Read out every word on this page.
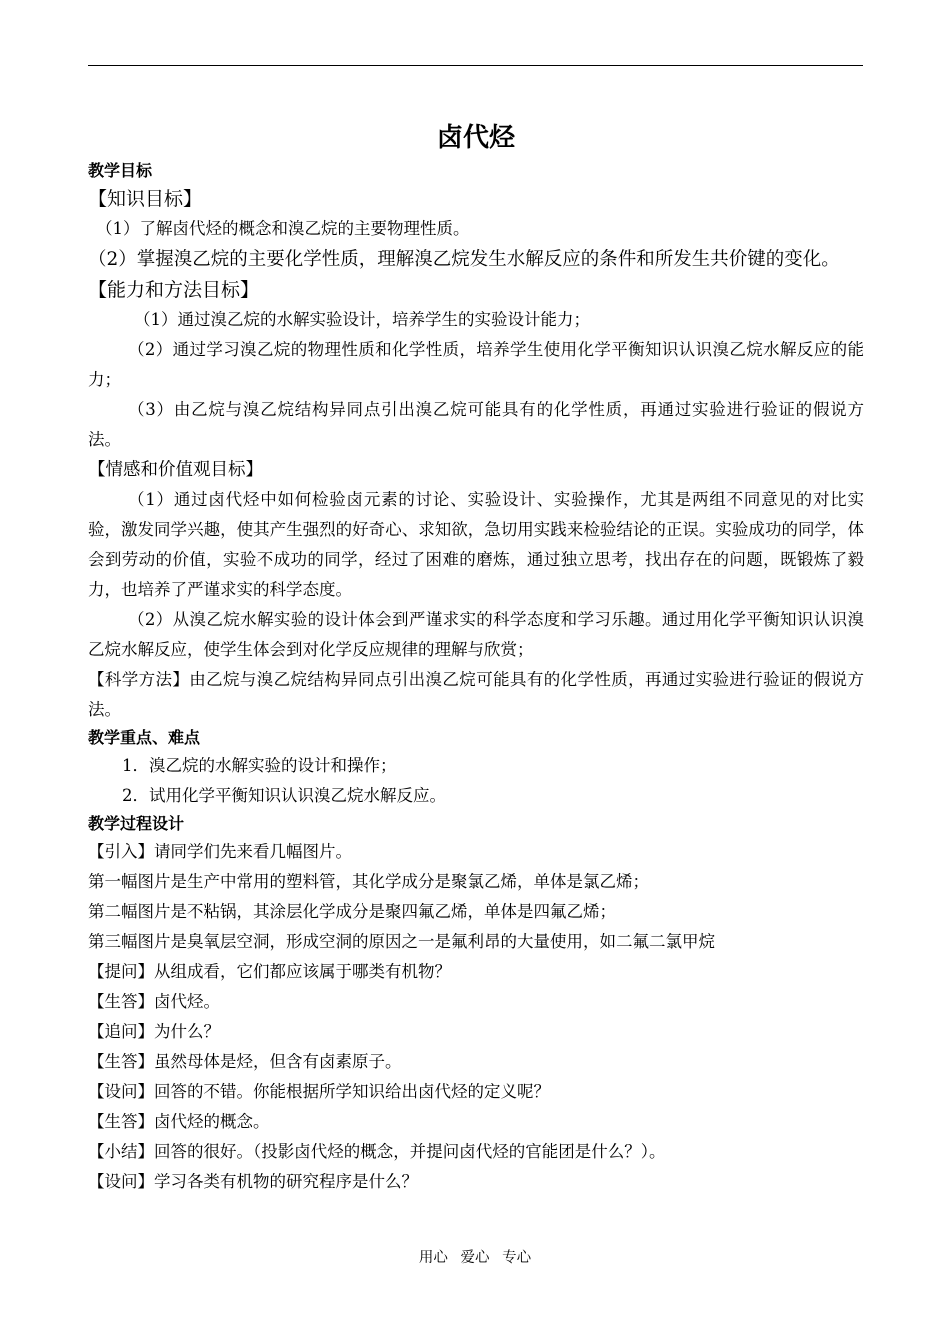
卤代烃
教学目标
【知识目标】

（1）了解卤代烃的概念和溴乙烷的主要物理性质。

（2）掌握溴乙烷的主要化学性质，理解溴乙烷发生水解反应的条件和所发生共价键的变化。

【能力和方法目标】

（1）通过溴乙烷的水解实验设计，培养学生的实验设计能力；

（2）通过学习溴乙烷的物理性质和化学性质，培养学生使用化学平衡知识认识溴乙烷水解反应的能力；

（3）由乙烷与溴乙烷结构异同点引出溴乙烷可能具有的化学性质，再通过实验进行验证的假说方法。

【情感和价值观目标】

（1）通过卤代烃中如何检验卤元素的讨论、实验设计、实验操作，尤其是两组不同意见的对比实验，激发同学兴趣，使其产生强烈的好奇心、求知欲，急切用实践来检验结论的正误。实验成功的同学，体会到劳动的价值，实验不成功的同学，经过了困难的磨炼，通过独立思考，找出存在的问题，既锻炼了毅力，也培养了严谨求实的科学态度。

（2）从溴乙烷水解实验的设计体会到严谨求实的科学态度和学习乐趣。通过用化学平衡知识认识溴乙烷水解反应，使学生体会到对化学反应规律的理解与欣赏；

【科学方法】由乙烷与溴乙烷结构异同点引出溴乙烷可能具有的化学性质，再通过实验进行验证的假说方法。

教学重点、难点
1．溴乙烷的水解实验的设计和操作；
2．试用化学平衡知识认识溴乙烷水解反应。
教学过程设计

【引入】请同学们先来看几幅图片。

第一幅图片是生产中常用的塑料管，其化学成分是聚氯乙烯，单体是氯乙烯；

第二幅图片是不粘锅，其涂层化学成分是聚四氟乙烯，单体是四氟乙烯；

第三幅图片是臭氧层空洞，形成空洞的原因之一是氟利昂的大量使用，如二氟二氯甲烷

【提问】从组成看，它们都应该属于哪类有机物？

【生答】卤代烃。

【追问】为什么？

【生答】虽然母体是烃，但含有卤素原子。

【设问】回答的不错。你能根据所学知识给出卤代烃的定义呢？

【生答】卤代烃的概念。

【小结】回答的很好。（投影卤代烃的概念，并提问卤代烃的官能团是什么？）。

【设问】学习各类有机物的研究程序是什么？

用心 爱心 专心
